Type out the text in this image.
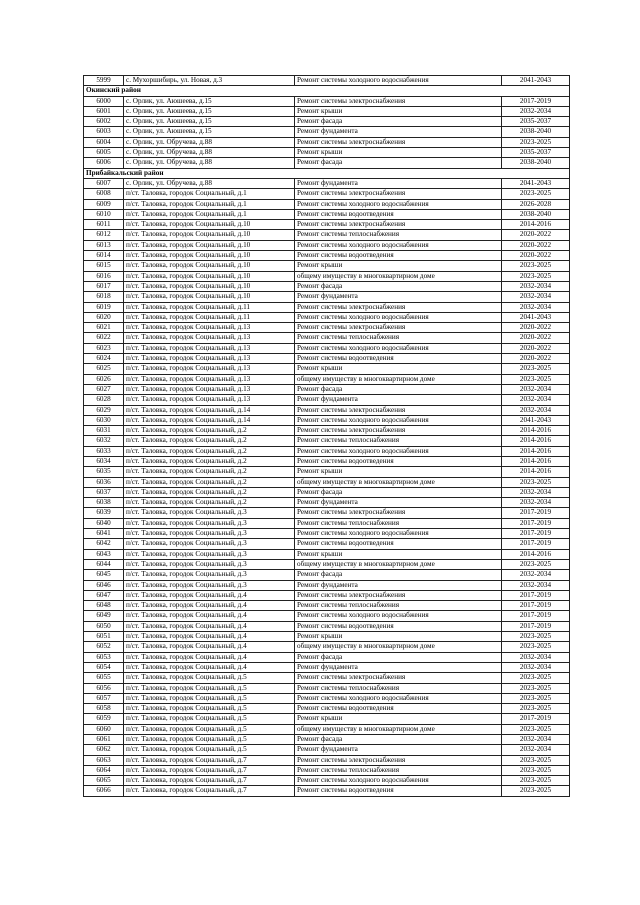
5999	с. Мухоршибирь, ул. Новая, д.3	Ремонт системы холодного водоснабжения	2041-2043
Окинский район			
6000	с. Орлик, ул. Аюшеева, д.15	Ремонт системы электроснабжения	2017-2019
6001	с. Орлик, ул. Аюшеева, д.15	Ремонт крыши	2032-2034
6002	с. Орлик, ул. Аюшеева, д.15	Ремонт фасада	2035-2037
6003	с. Орлик, ул. Аюшеева, д.15	Ремонт фундамента	2038-2040
6004	с. Орлик, ул. Обручева, д.88	Ремонт системы электроснабжения	2023-2025
6005	с. Орлик, ул. Обручева, д.88	Ремонт крыши	2035-2037
6006	с. Орлик, ул. Обручева, д.88	Ремонт фасада	2038-2040
Прибайкальский район			
6007	с. Орлик, ул. Обручева, д.88	Ремонт фундамента	2041-2043
6008	п/ст. Таловка, городок Социальный, д.1	Ремонт системы электроснабжения	2023-2025
6009	п/ст. Таловка, городок Социальный, д.1	Ремонт системы холодного водоснабжения	2026-2028
6010	п/ст. Таловка, городок Социальный, д.1	Ремонт системы водоотведения	2038-2040
6011	п/ст. Таловка, городок Социальный, д.10	Ремонт системы электроснабжения	2014-2016
6012	п/ст. Таловка, городок Социальный, д.10	Ремонт системы теплоснабжения	2020-2022
6013	п/ст. Таловка, городок Социальный, д.10	Ремонт системы холодного водоснабжения	2020-2022
6014	п/ст. Таловка, городок Социальный, д.10	Ремонт системы водоотведения	2020-2022
6015	п/ст. Таловка, городок Социальный, д.10	Ремонт крыши	2023-2025
6016	п/ст. Таловка, городок Социальный, д.10	общему имуществу в многоквартирном доме	2023-2025
6017	п/ст. Таловка, городок Социальный, д.10	Ремонт фасада	2032-2034
6018	п/ст. Таловка, городок Социальный, д.10	Ремонт фундамента	2032-2034
6019	п/ст. Таловка, городок Социальный, д.11	Ремонт системы электроснабжения	2032-2034
6020	п/ст. Таловка, городок Социальный, д.11	Ремонт системы холодного водоснабжения	2041-2043
6021	п/ст. Таловка, городок Социальный, д.13	Ремонт системы электроснабжения	2020-2022
6022	п/ст. Таловка, городок Социальный, д.13	Ремонт системы теплоснабжения	2020-2022
6023	п/ст. Таловка, городок Социальный, д.13	Ремонт системы холодного водоснабжения	2020-2022
6024	п/ст. Таловка, городок Социальный, д.13	Ремонт системы водоотведения	2020-2022
6025	п/ст. Таловка, городок Социальный, д.13	Ремонт крыши	2023-2025
6026	п/ст. Таловка, городок Социальный, д.13	общему имуществу в многоквартирном доме	2023-2025
6027	п/ст. Таловка, городок Социальный, д.13	Ремонт фасада	2032-2034
6028	п/ст. Таловка, городок Социальный, д.13	Ремонт фундамента	2032-2034
6029	п/ст. Таловка, городок Социальный, д.14	Ремонт системы электроснабжения	2032-2034
6030	п/ст. Таловка, городок Социальный, д.14	Ремонт системы холодного водоснабжения	2041-2043
6031	п/ст. Таловка, городок Социальный, д.2	Ремонт системы электроснабжения	2014-2016
6032	п/ст. Таловка, городок Социальный, д.2	Ремонт системы теплоснабжения	2014-2016
6033	п/ст. Таловка, городок Социальный, д.2	Ремонт системы холодного водоснабжения	2014-2016
6034	п/ст. Таловка, городок Социальный, д.2	Ремонт системы водоотведения	2014-2016
6035	п/ст. Таловка, городок Социальный, д.2	Ремонт крыши	2014-2016
6036	п/ст. Таловка, городок Социальный, д.2	общему имуществу в многоквартирном доме	2023-2025
6037	п/ст. Таловка, городок Социальный, д.2	Ремонт фасада	2032-2034
6038	п/ст. Таловка, городок Социальный, д.2	Ремонт фундамента	2032-2034
6039	п/ст. Таловка, городок Социальный, д.3	Ремонт системы электроснабжения	2017-2019
6040	п/ст. Таловка, городок Социальный, д.3	Ремонт системы теплоснабжения	2017-2019
6041	п/ст. Таловка, городок Социальный, д.3	Ремонт системы холодного водоснабжения	2017-2019
6042	п/ст. Таловка, городок Социальный, д.3	Ремонт системы водоотведения	2017-2019
6043	п/ст. Таловка, городок Социальный, д.3	Ремонт крыши	2014-2016
6044	п/ст. Таловка, городок Социальный, д.3	общему имуществу в многоквартирном доме	2023-2025
6045	п/ст. Таловка, городок Социальный, д.3	Ремонт фасада	2032-2034
6046	п/ст. Таловка, городок Социальный, д.3	Ремонт фундамента	2032-2034
6047	п/ст. Таловка, городок Социальный, д.4	Ремонт системы электроснабжения	2017-2019
6048	п/ст. Таловка, городок Социальный, д.4	Ремонт системы теплоснабжения	2017-2019
6049	п/ст. Таловка, городок Социальный, д.4	Ремонт системы холодного водоснабжения	2017-2019
6050	п/ст. Таловка, городок Социальный, д.4	Ремонт системы водоотведения	2017-2019
6051	п/ст. Таловка, городок Социальный, д.4	Ремонт крыши	2023-2025
6052	п/ст. Таловка, городок Социальный, д.4	общему имуществу в многоквартирном доме	2023-2025
6053	п/ст. Таловка, городок Социальный, д.4	Ремонт фасада	2032-2034
6054	п/ст. Таловка, городок Социальный, д.4	Ремонт фундамента	2032-2034
6055	п/ст. Таловка, городок Социальный, д.5	Ремонт системы электроснабжения	2023-2025
6056	п/ст. Таловка, городок Социальный, д.5	Ремонт системы теплоснабжения	2023-2025
6057	п/ст. Таловка, городок Социальный, д.5	Ремонт системы холодного водоснабжения	2023-2025
6058	п/ст. Таловка, городок Социальный, д.5	Ремонт системы водоотведения	2023-2025
6059	п/ст. Таловка, городок Социальный, д.5	Ремонт крыши	2017-2019
6060	п/ст. Таловка, городок Социальный, д.5	общему имуществу в многоквартирном доме	2023-2025
6061	п/ст. Таловка, городок Социальный, д.5	Ремонт фасада	2032-2034
6062	п/ст. Таловка, городок Социальный, д.5	Ремонт фундамента	2032-2034
6063	п/ст. Таловка, городок Социальный, д.7	Ремонт системы электроснабжения	2023-2025
6064	п/ст. Таловка, городок Социальный, д.7	Ремонт системы теплоснабжения	2023-2025
6065	п/ст. Таловка, городок Социальный, д.7	Ремонт системы холодного водоснабжения	2023-2025
6066	п/ст. Таловка, городок Социальный, д.7	Ремонт системы водоотведения	2023-2025
